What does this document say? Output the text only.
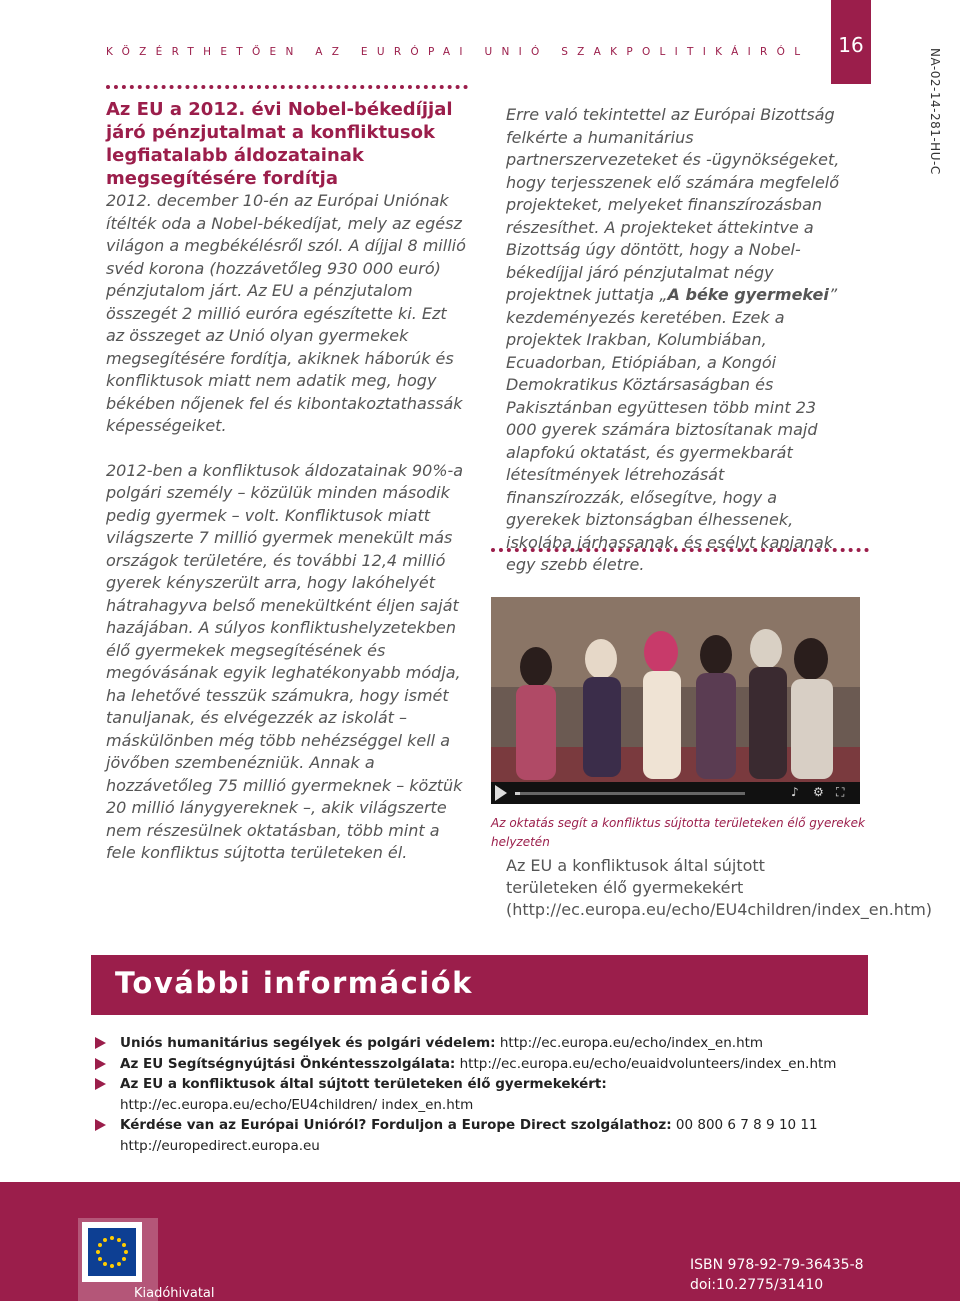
KÖZÉRTHETŐEN AZ EURÓPAI UNIÓ SZAKPOLITIKÁIRÓL	16
NA-02-14-281-HU-C
Az EU a 2012. évi Nobel-békedíjjal járó pénzjutalmat a konfliktusok legfiatalabb áldozatainak megsegítésére fordítja

2012. december 10-én az Európai Uniónak ítélték oda a Nobel-békedíjat, mely az egész világon a megbékélésről szól. A díjjal 8 millió svéd korona (hozzávetőleg 930 000 euró) pénzjutalom járt. Az EU a pénzjutalom összegét 2 millió euróra egészítette ki. Ezt az összeget az Unió olyan gyermekek megsegítésére fordítja, akiknek háborúk és konfliktusok miatt nem adatik meg, hogy békében nőjenek fel és kibontakoztathassák képességeiket.

2012-ben a konfliktusok áldozatainak 90%-a polgári személy – közülük minden második pedig gyermek – volt. Konfliktusok miatt világszerte 7 millió gyermek menekült más országok területére, és további 12,4 millió gyerek kényszerült arra, hogy lakóhelyét hátrahagyva belső menekültként éljen saját hazájában. A súlyos konfliktushelyzetekben élő gyermekek megsegítésének és megóvásának egyik leghatékonyabb módja, ha lehetővé tesszük számukra, hogy ismét tanuljanak, és elvégezzék az iskolát – máskülönben még több nehézséggel kell a jövőben szembenézniük. Annak a hozzávetőleg 75 millió gyermeknek – köztük 20 millió lánygyereknek –, akik világszerte nem részesülnek oktatásban, több mint a fele konfliktus sújtotta területeken él.

Erre való tekintettel az Európai Bizottság felkérte a humanitárius partnerszervezeteket és -ügynökségeket, hogy terjesszenek elő számára megfelelő projekteket, melyeket finanszírozásban részesíthet. A projekteket áttekintve a Bizottság úgy döntött, hogy a Nobel-békedíjjal járó pénzjutalmat négy projektnek juttatja „A béke gyermekei” kezdeményezés keretében. Ezek a projektek Irakban, Kolumbiában, Ecuadorban, Etiópiában, a Kongói Demokratikus Köztársaságban és Pakisztánban együttesen több mint 23 000 gyerek számára biztosítanak majd alapfokú oktatást, és gyermekbarát létesítmények létrehozását finanszírozzák, elősegítve, hogy a gyerekek biztonságban élhessenek, iskolába járhassanak, és esélyt kapjanak egy szebb életre.

♪	⚙ ⛶
Az oktatás segít a konfliktus sújtotta területeken élő gyerekek helyzetén
Az EU a konfliktusok által sújtott területeken élő gyermekekért (http://ec.europa.eu/echo/EU4children/index_en.htm)
További információk
Uniós humanitárius segélyek és polgári védelem: http://ec.europa.eu/echo/index_en.htm
Az EU Segítségnyújtási Önkéntesszolgálata: http://ec.europa.eu/echo/euaidvolunteers/index_en.htm
Az EU a konfliktusok által sújtott területeken élő gyermekekért: http://ec.europa.eu/echo/EU4children/ index_en.htm
Kérdése van az Európai Unióról? Forduljon a Europe Direct szolgálathoz: 00 800 6 7 8 9 10 11 http://europedirect.europa.eu
Kiadóhivatal
ISBN 978-92-79-36435-8
doi:10.2775/31410
